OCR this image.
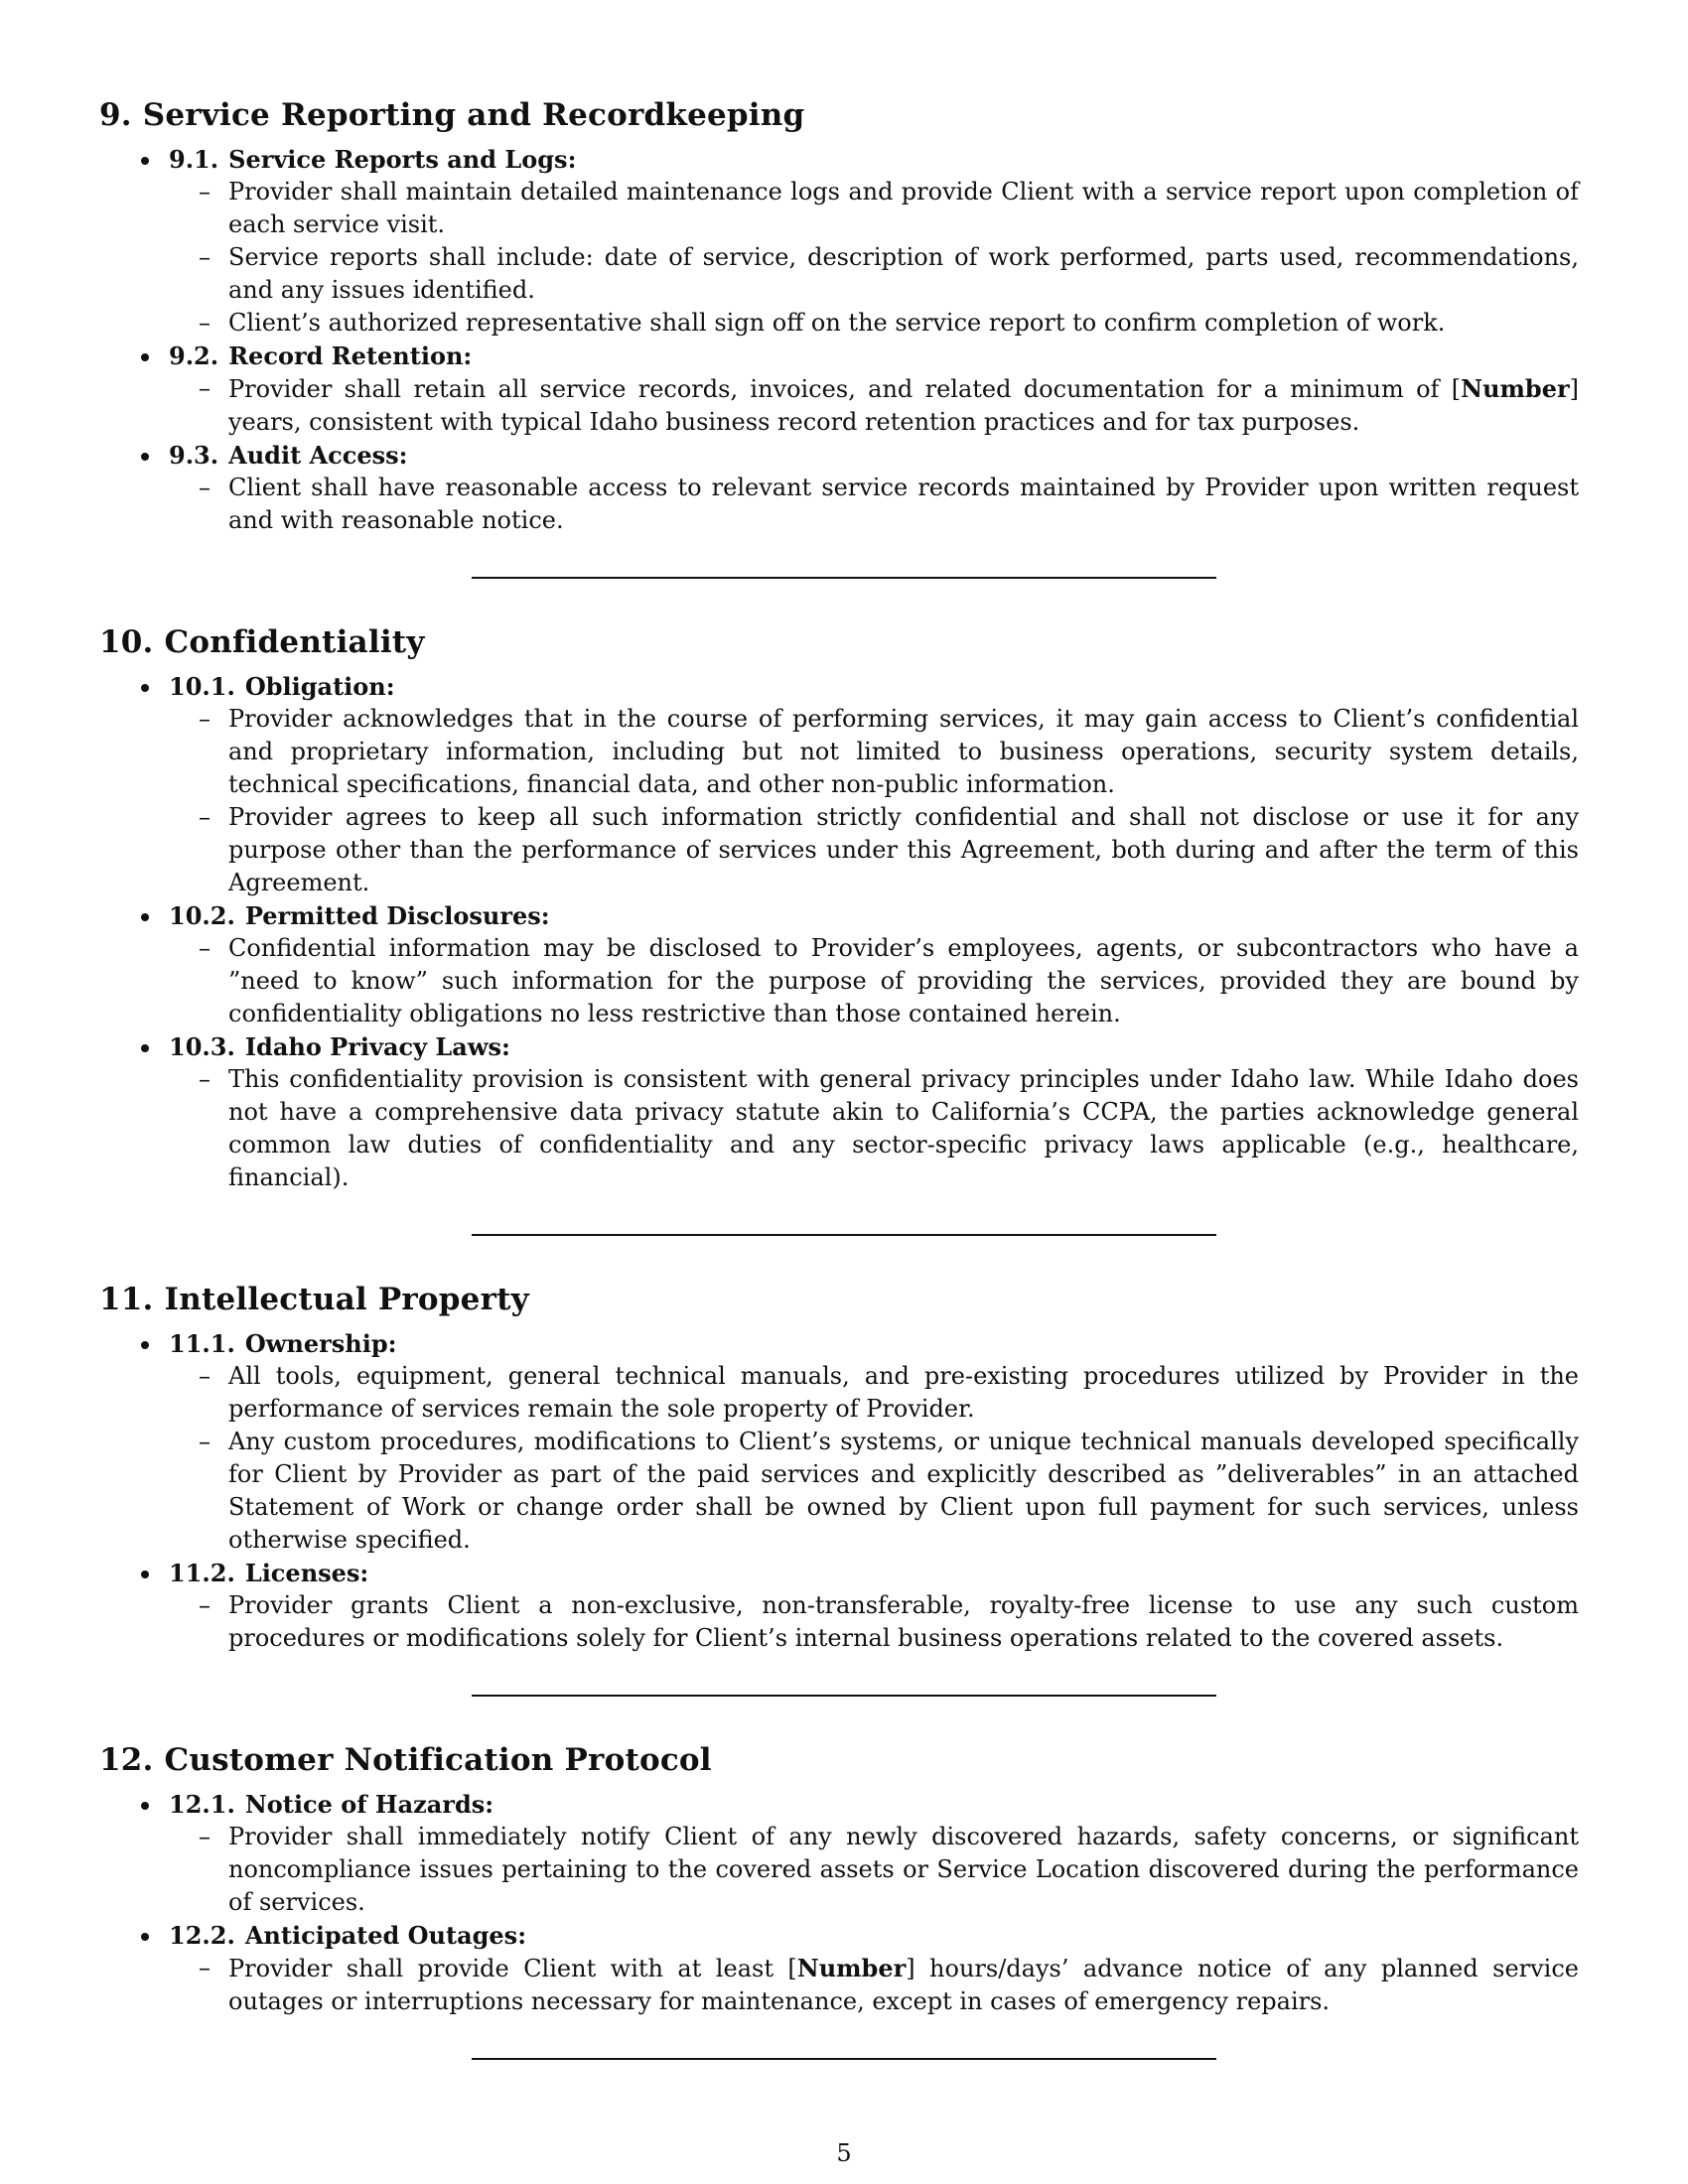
9. Service Reporting and Recordkeeping
9.1. Service Reports and Logs:
– Provider shall maintain detailed maintenance logs and provide Client with a service report upon completion of each service visit.
– Service reports shall include: date of service, description of work performed, parts used, recommendations, and any issues identified.
– Client’s authorized representative shall sign off on the service report to confirm completion of work.
9.2. Record Retention:
– Provider shall retain all service records, invoices, and related documentation for a minimum of [Number] years, consistent with typical Idaho business record retention practices and for tax purposes.
9.3. Audit Access:
– Client shall have reasonable access to relevant service records maintained by Provider upon written request and with reasonable notice.
10. Confidentiality
10.1. Obligation:
– Provider acknowledges that in the course of performing services, it may gain access to Client’s confidential and proprietary information, including but not limited to business operations, security system details, technical specifications, financial data, and other non-public information.
– Provider agrees to keep all such information strictly confidential and shall not disclose or use it for any purpose other than the performance of services under this Agreement, both during and after the term of this Agreement.
10.2. Permitted Disclosures:
– Confidential information may be disclosed to Provider’s employees, agents, or subcontractors who have a ”need to know” such information for the purpose of providing the services, provided they are bound by confidentiality obligations no less restrictive than those contained herein.
10.3. Idaho Privacy Laws:
– This confidentiality provision is consistent with general privacy principles under Idaho law. While Idaho does not have a comprehensive data privacy statute akin to California’s CCPA, the parties acknowledge general common law duties of confidentiality and any sector-specific privacy laws applicable (e.g., healthcare, financial).
11. Intellectual Property
11.1. Ownership:
– All tools, equipment, general technical manuals, and pre-existing procedures utilized by Provider in the performance of services remain the sole property of Provider.
– Any custom procedures, modifications to Client’s systems, or unique technical manuals developed specifically for Client by Provider as part of the paid services and explicitly described as ”deliverables” in an attached Statement of Work or change order shall be owned by Client upon full payment for such services, unless otherwise specified.
11.2. Licenses:
– Provider grants Client a non-exclusive, non-transferable, royalty-free license to use any such custom procedures or modifications solely for Client’s internal business operations related to the covered assets.
12. Customer Notification Protocol
12.1. Notice of Hazards:
– Provider shall immediately notify Client of any newly discovered hazards, safety concerns, or significant noncompliance issues pertaining to the covered assets or Service Location discovered during the performance of services.
12.2. Anticipated Outages:
– Provider shall provide Client with at least [Number] hours/days’ advance notice of any planned service outages or interruptions necessary for maintenance, except in cases of emergency repairs.
5
